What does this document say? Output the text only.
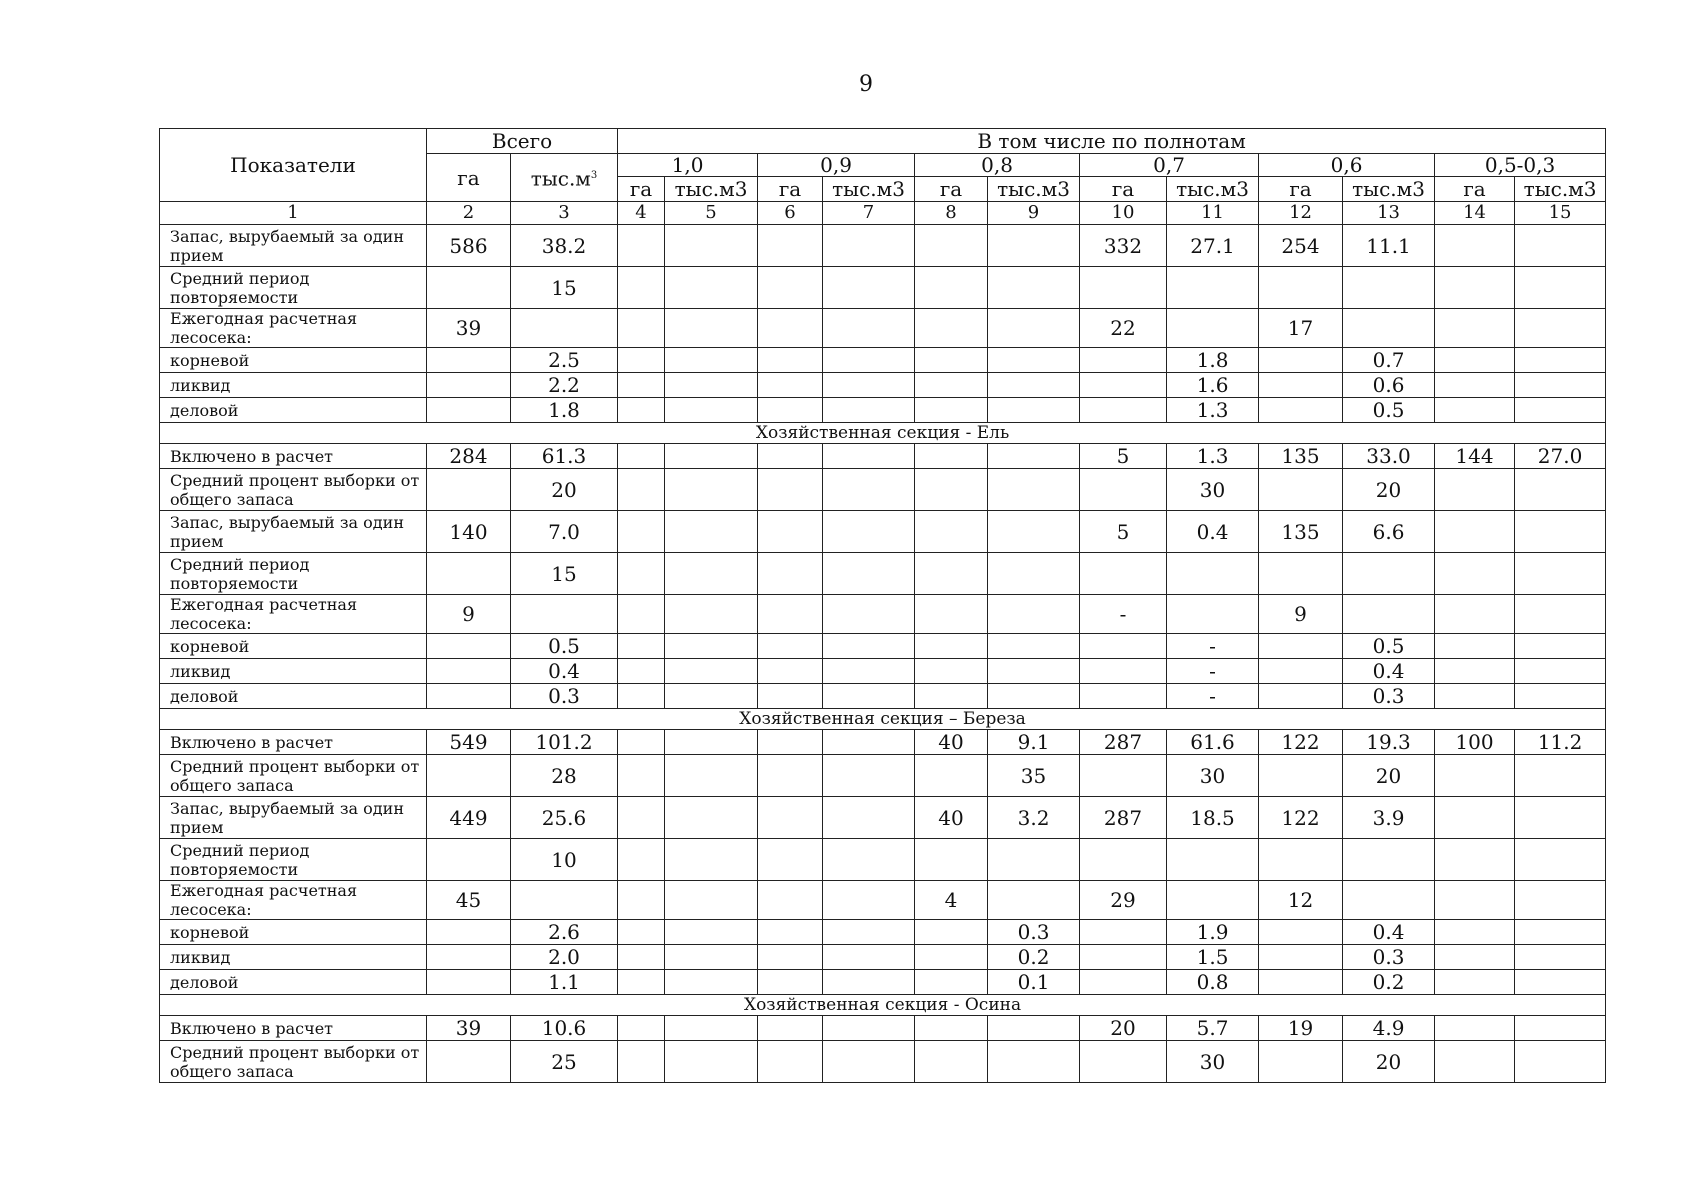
9
Показатели	Всего		В том числе по полнотам											
	га	$тыс.м^3$	1,0		0,9		0,8		0,7		0,6		0,5-0,3	
			га	тыс.м3	га	тыс.м3	га	тыс.м3	га	тыс.м3	га	тыс.м3	га	тыс.м3
1	2	3	4	5	6	7	8	9	10	11	12	13	14	15
Запас, вырубаемый за один прием	586	38.2							332	27.1	254	11.1		
Средний период повторяемости		15												
Ежегодная расчетная лесосека:	39								22		17			
корневой		2.5								1.8		0.7		
ликвид		2.2								1.6		0.6		
деловой		1.8								1.3		0.5		
Хозяйственная секция - Ель														
Включено в расчет	284	61.3							5	1.3	135	33.0	144	27.0
Средний процент выборки от общего запаса		20								30		20		
Запас, вырубаемый за один прием	140	7.0							5	0.4	135	6.6		
Средний период повторяемости		15												
Ежегодная расчетная лесосека:	9								-		9			
корневой		0.5								-		0.5		
ликвид		0.4								-		0.4		
деловой		0.3								-		0.3		
Хозяйственная секция – Береза														
Включено в расчет	549	101.2					40	9.1	287	61.6	122	19.3	100	11.2
Средний процент выборки от общего запаса		28						35		30		20		
Запас, вырубаемый за один прием	449	25.6					40	3.2	287	18.5	122	3.9		
Средний период повторяемости		10												
Ежегодная расчетная лесосека:	45						4		29		12			
корневой		2.6						0.3		1.9		0.4		
ликвид		2.0						0.2		1.5		0.3		
деловой		1.1						0.1		0.8		0.2		
Хозяйственная секция - Осина														
Включено в расчет	39	10.6							20	5.7	19	4.9		
Средний процент выборки от общего запаса		25								30		20		
